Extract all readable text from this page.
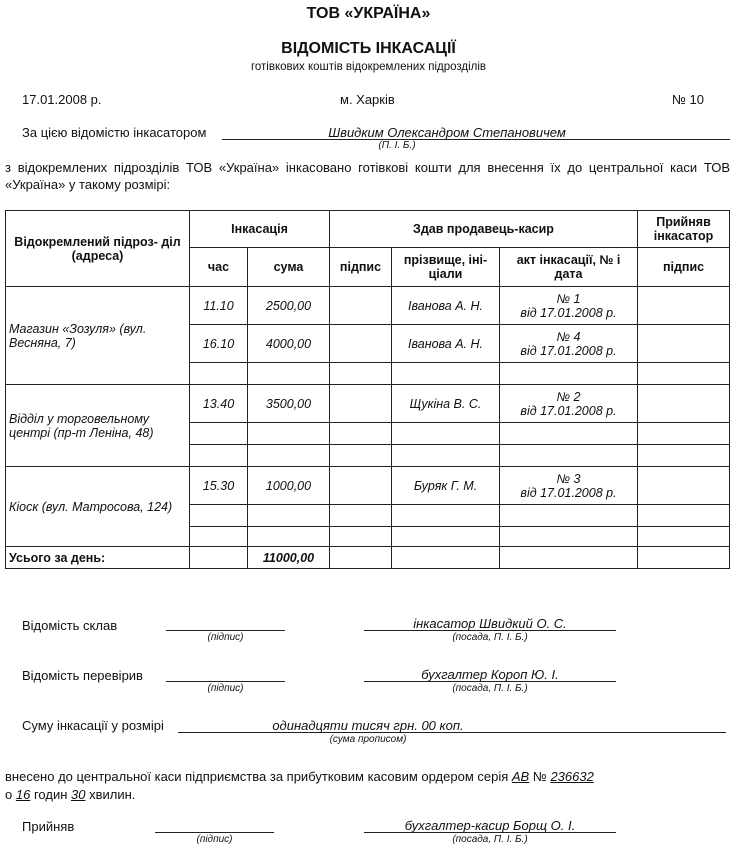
ТОВ «УКРАЇНА»
ВІДОМІСТЬ ІНКАСАЦІЇ
готівкових коштів відокремлених підрозділів
17.01.2008 р.	м. Харків	№ 10
За цією відомістю інкасатором	Швидким Олександром Степановичем
(П. І. Б.)
з відокремлених підрозділів ТОВ «Україна» інкасовано готівкові кошти для внесення їх до центральної каси ТОВ «Україна» у такому розмірі:
Відокремлений підроз- діл (адреса)	Інкасація		Здав продавець-касир			Прийняв інкасатор
	час	сума	підпис	прізвище, іні- ціали	акт інкасації, № і дата	підпис
Магазин «Зозуля» (вул. Весняна, 7)	11.10	2500,00		Іванова А. Н.	№ 1
від 17.01.2008 р.	

	16.10	4000,00		Іванова А. Н.	№ 4
від 17.01.2008 р.	

Відділ у торговельному центрі (пр-т Леніна, 48)	13.40	3500,00		Щукіна В. С.	№ 2
від 17.01.2008 р.	

Кіоск (вул. Матросова, 124)	15.30	1000,00		Буряк Г. М.	№ 3
від 17.01.2008 р.	

Усього за день:		11000,00				
Відомість склав
(підпис)
інкасатор Швидкий О. С.
(посада, П. І. Б.)
Відомість перевірив
(підпис)
бухгалтер Короп Ю. І.
(посада, П. І. Б.)
Суму інкасації у розмірі	одинадцяти тисяч грн. 00 коп.
(сума прописом)
внесено до центральної каси підприємства за прибутковим касовим ордером серія АВ № 236632
о 16 годин 30 хвилин.
Прийняв
(підпис)
бухгалтер-касир Борщ О. І.
(посада, П. І. Б.)
